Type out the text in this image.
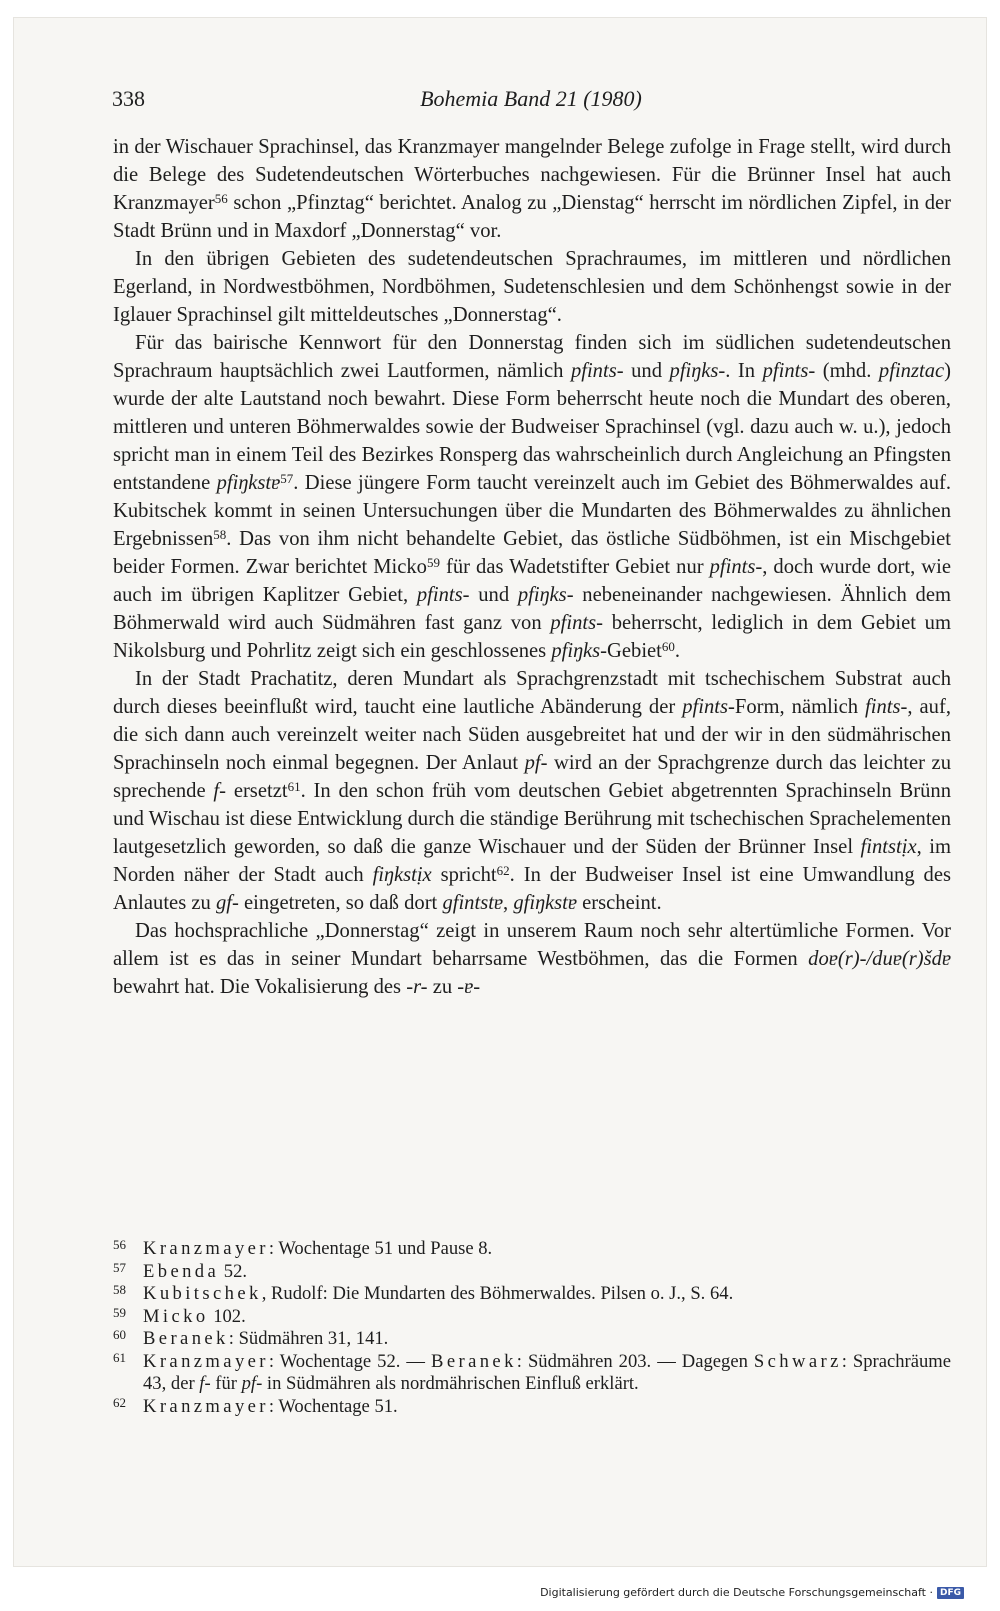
338	Bohemia Band 21 (1980)

in der Wischauer Sprachinsel, das Kranzmayer mangelnder Belege zufolge in Frage stellt, wird durch die Belege des Sudetendeutschen Wörterbuches nachgewiesen. Für die Brünner Insel hat auch Kranzmayer$^{56}$ schon „Pfinztag“ berichtet. Analog zu „Dienstag“ herrscht im nördlichen Zipfel, in der Stadt Brünn und in Maxdorf „Donnerstag“ vor.

In den übrigen Gebieten des sudetendeutschen Sprachraumes, im mittleren und nördlichen Egerland, in Nordwestböhmen, Nordböhmen, Sudetenschlesien und dem Schönhengst sowie in der Iglauer Sprachinsel gilt mitteldeutsches „Donnerstag“.

Für das bairische Kennwort für den Donnerstag finden sich im südlichen sudetendeutschen Sprachraum hauptsächlich zwei Lautformen, nämlich pfints- und pfiŋks-. In pfints- (mhd. pfinztac) wurde der alte Lautstand noch bewahrt. Diese Form beherrscht heute noch die Mundart des oberen, mittleren und unteren Böhmerwaldes sowie der Budweiser Sprachinsel (vgl. dazu auch w. u.), jedoch spricht man in einem Teil des Bezirkes Ronsperg das wahrscheinlich durch Angleichung an Pfingsten entstandene pfiŋkstɐ$^{57}$. Diese jüngere Form taucht vereinzelt auch im Gebiet des Böhmerwaldes auf. Kubitschek kommt in seinen Untersuchungen über die Mundarten des Böhmerwaldes zu ähnlichen Ergebnissen$^{58}$. Das von ihm nicht behandelte Gebiet, das östliche Südböhmen, ist ein Mischgebiet beider Formen. Zwar berichtet Micko$^{59}$ für das Wadetstifter Gebiet nur pfints-, doch wurde dort, wie auch im übrigen Kaplitzer Gebiet, pfints- und pfiŋks- nebeneinander nachgewiesen. Ähnlich dem Böhmerwald wird auch Südmähren fast ganz von pfints- beherrscht, lediglich in dem Gebiet um Nikolsburg und Pohrlitz zeigt sich ein geschlossenes pfiŋks-Gebiet$^{60}$.

In der Stadt Prachatitz, deren Mundart als Sprachgrenzstadt mit tschechischem Substrat auch durch dieses beeinflußt wird, taucht eine lautliche Abänderung der pfints-Form, nämlich fints-, auf, die sich dann auch vereinzelt weiter nach Süden ausgebreitet hat und der wir in den südmährischen Sprachinseln noch einmal begegnen. Der Anlaut pf- wird an der Sprachgrenze durch das leichter zu sprechende f- ersetzt$^{61}$. In den schon früh vom deutschen Gebiet abgetrennten Sprachinseln Brünn und Wischau ist diese Entwicklung durch die ständige Berührung mit tschechischen Sprachelementen lautgesetzlich geworden, so daß die ganze Wischauer und der Süden der Brünner Insel fintstịx, im Norden näher der Stadt auch fiŋkstịx spricht$^{62}$. In der Budweiser Insel ist eine Umwandlung des Anlautes zu gf- eingetreten, so daß dort gfintstɐ, gfiŋkstɐ erscheint.

Das hochsprachliche „Donnerstag“ zeigt in unserem Raum noch sehr altertümliche Formen. Vor allem ist es das in seiner Mundart beharrsame Westböhmen, das die Formen doɐ(r)-/duɐ(r)šdɐ bewahrt hat. Die Vokalisierung des -r- zu -ɐ-

56 Kranzmayer: Wochentage 51 und Pause 8.
57 Ebenda 52.
58 Kubitschek, Rudolf: Die Mundarten des Böhmerwaldes. Pilsen o. J., S. 64.
59 Micko 102.
60 Beranek: Südmähren 31, 141.
61 Kranzmayer: Wochentage 52. — Beranek: Südmähren 203. — Dagegen Schwarz: Sprachräume 43, der f- für pf- in Südmähren als nordmährischen Einfluß erklärt.
62 Kranzmayer: Wochentage 51.
Digitalisierung gefördert durch die Deutsche Forschungsgemeinschaft · DFG
